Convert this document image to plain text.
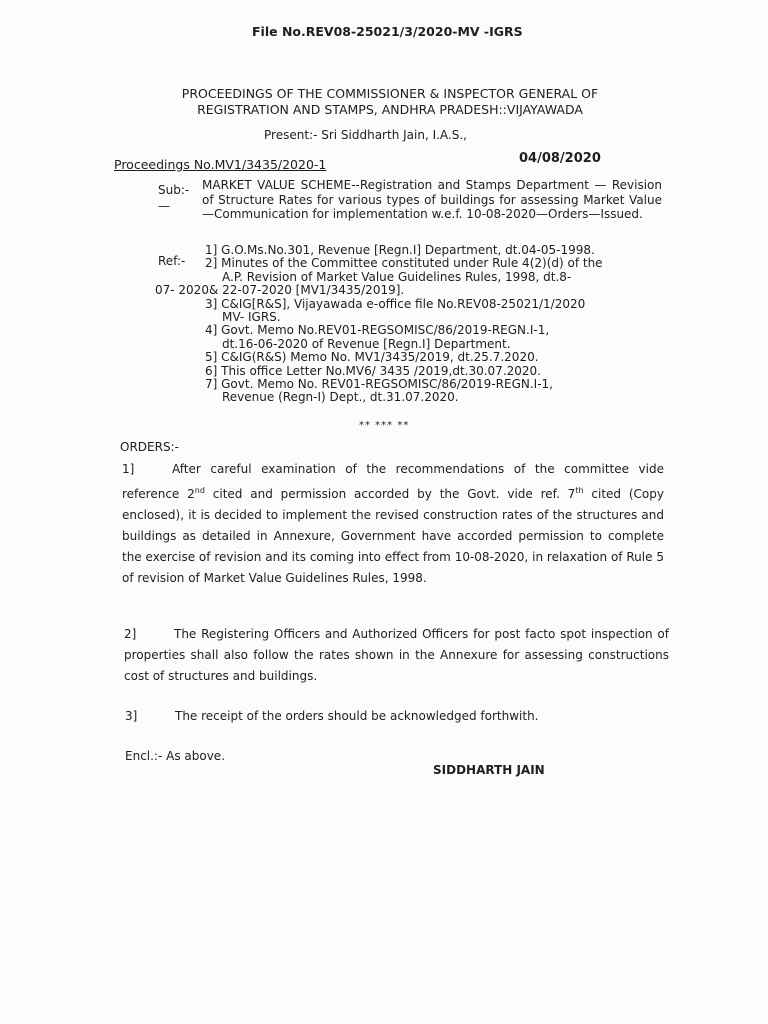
File No.REV08-25021/3/2020-MV -IGRS
PROCEEDINGS OF THE COMMISSIONER & INSPECTOR GENERAL OF
REGISTRATION AND STAMPS, ANDHRA PRADESH::VIJAYAWADA
Present:- Sri Siddharth Jain, I.A.S.,
Proceedings No.MV1/3435/2020-1	04/08/2020
Sub:-
—
MARKET VALUE SCHEME--Registration and Stamps Department — Revision of Structure Rates for various types of buildings for assessing Market Value—Communication for implementation w.e.f. 10-08-2020—Orders—Issued.
Ref:-
1] G.O.Ms.No.301, Revenue [Regn.I] Department, dt.04-05-1998.
2] Minutes of the Committee constituted under Rule 4(2)(d) of the
A.P. Revision of Market Value Guidelines Rules, 1998, dt.8-
07- 2020& 22-07-2020 [MV1/3435/2019].
3] C&IG[R&S], Vijayawada e-office file No.REV08-25021/1/2020
MV- IGRS.
4] Govt. Memo No.REV01-REGSOMISC/86/2019-REGN.I-1,
dt.16-06-2020 of Revenue [Regn.I] Department.
5] C&IG(R&S) Memo No. MV1/3435/2019, dt.25.7.2020.
6] This office Letter No.MV6/ 3435 /2019,dt.30.07.2020.
7] Govt. Memo No. REV01-REGSOMISC/86/2019-REGN.I-1,
Revenue (Regn-I) Dept., dt.31.07.2020.
** *** **
ORDERS:-
1]	After careful examination of the recommendations of the committee vide reference 2nd cited and permission accorded by the Govt. vide ref. 7th cited (Copy enclosed), it is decided to implement the revised construction rates of the structures and buildings as detailed in Annexure, Government have accorded permission to complete the exercise of revision and its coming into effect from 10-08-2020, in relaxation of Rule 5 of revision of Market Value Guidelines Rules, 1998.
2]	The Registering Officers and Authorized Officers for post facto spot inspection of properties shall also follow the rates shown in the Annexure for assessing constructions cost of structures and buildings.
3]	The receipt of the orders should be acknowledged forthwith.
Encl.:- As above.
SIDDHARTH JAIN
